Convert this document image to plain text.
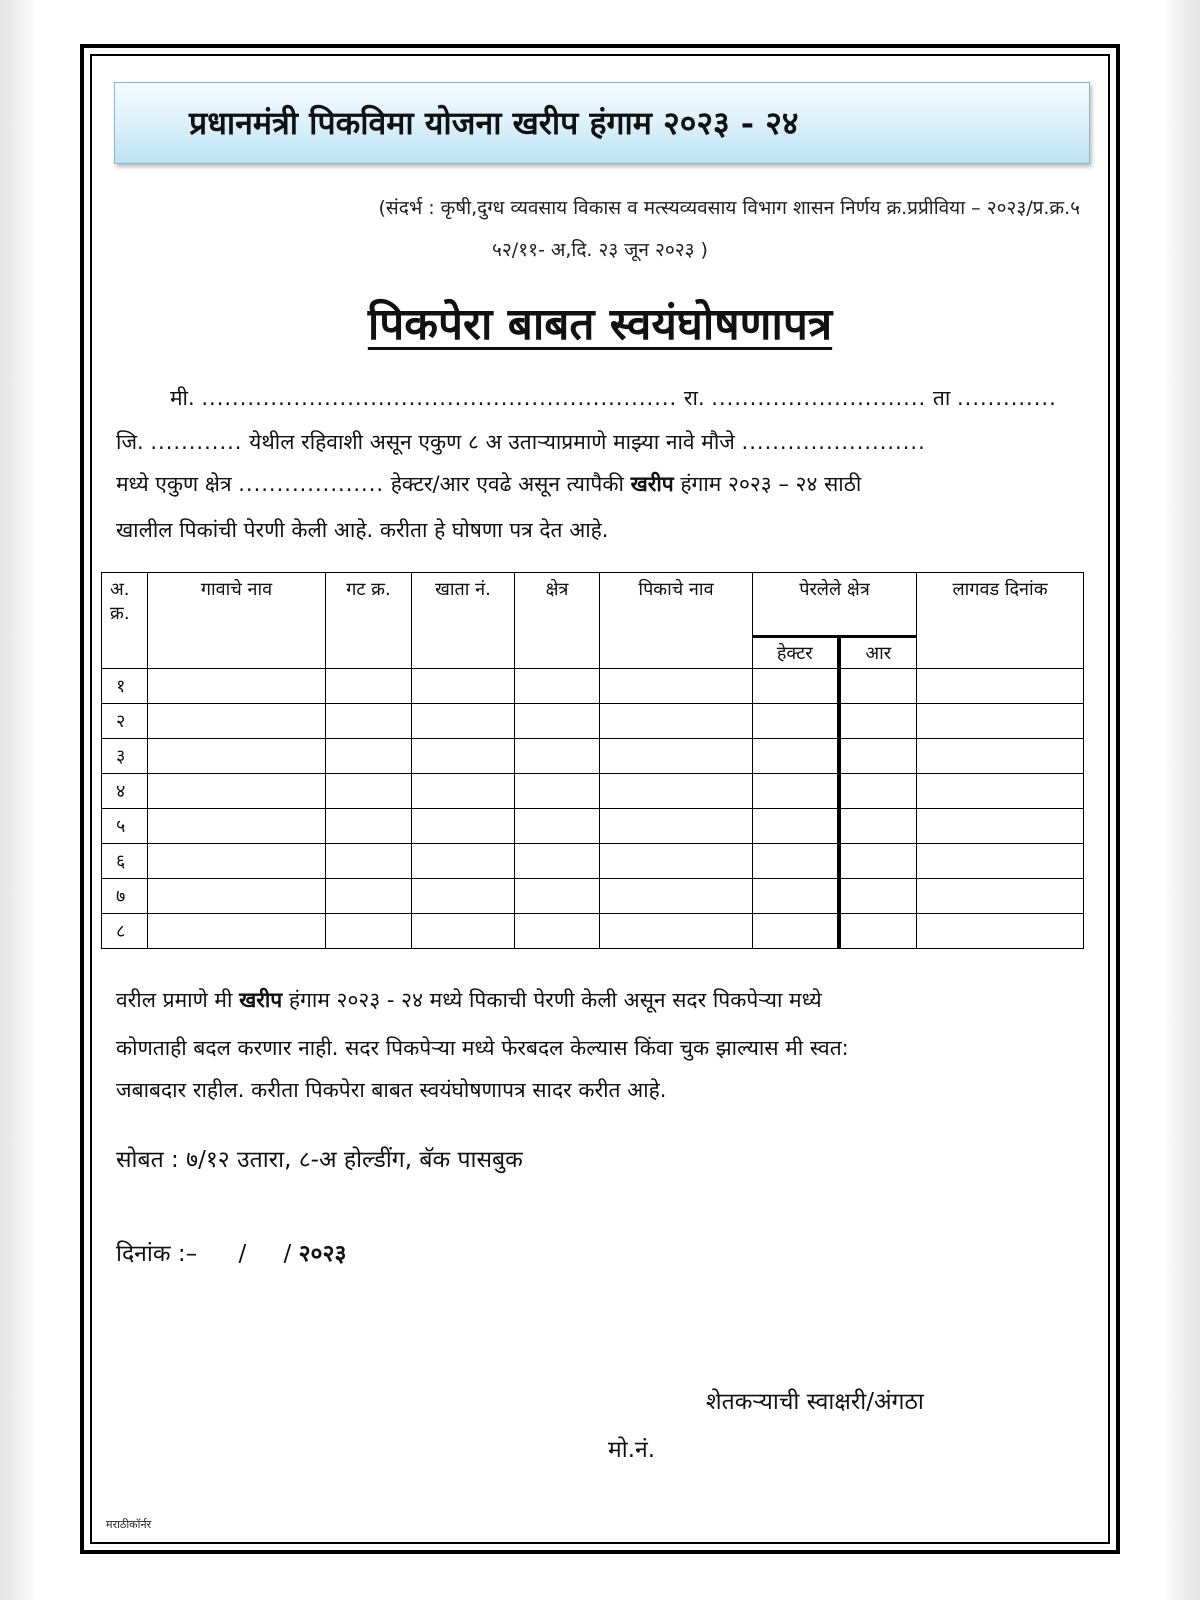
प्रधानमंत्री पिकविमा योजना खरीप हंगाम २०२३ - २४
(संदर्भ : कृषी,दुग्ध व्यवसाय विकास व मत्स्यव्यवसाय विभाग शासन निर्णय क्र.प्रप्रीविया – २०२३/प्र.क्र.५
५२/११- अ,दि. २३ जून २०२३ )
पिकपेरा बाबत स्वयंघोषणापत्र
मी. .............................................................. रा. ............................ ता .............
जि. ............ येथील रहिवाशी असून एकुण ८ अ उताऱ्याप्रमाणे माझ्या नावे मौजे ........................
मध्ये एकुण क्षेत्र ................... हेक्टर/आर एवढे असून त्यापैकी खरीप हंगाम २०२३ – २४ साठी
खालील पिकांची पेरणी केली आहे. करीता हे घोषणा पत्र देत आहे.
अ. क्र.	गावाचे नाव	गट क्र.	खाता नं.	क्षेत्र	पिकाचे नाव	पेरलेले क्षेत्र		लागवड दिनांक
						हेक्टर	आर	
१								
२								
३								
४								
५								
६								
७								
८								
वरील प्रमाणे मी खरीप हंगाम २०२३ - २४ मध्ये पिकाची पेरणी केली असून सदर पिकपेऱ्या मध्ये
कोणताही बदल करणार नाही. सदर पिकपेऱ्या मध्ये फेरबदल केल्यास किंवा चुक झाल्यास मी स्वत:
जबाबदार राहील. करीता पिकपेरा बाबत स्वयंघोषणापत्र सादर करीत आहे.
सोबत : ७/१२ उतारा, ८-अ होल्डींग, बॅक पासबुक
दिनांक :– / / २०२३
शेतकऱ्याची स्वाक्षरी/अंगठा
मो.नं.
मराठीकॉर्नर
